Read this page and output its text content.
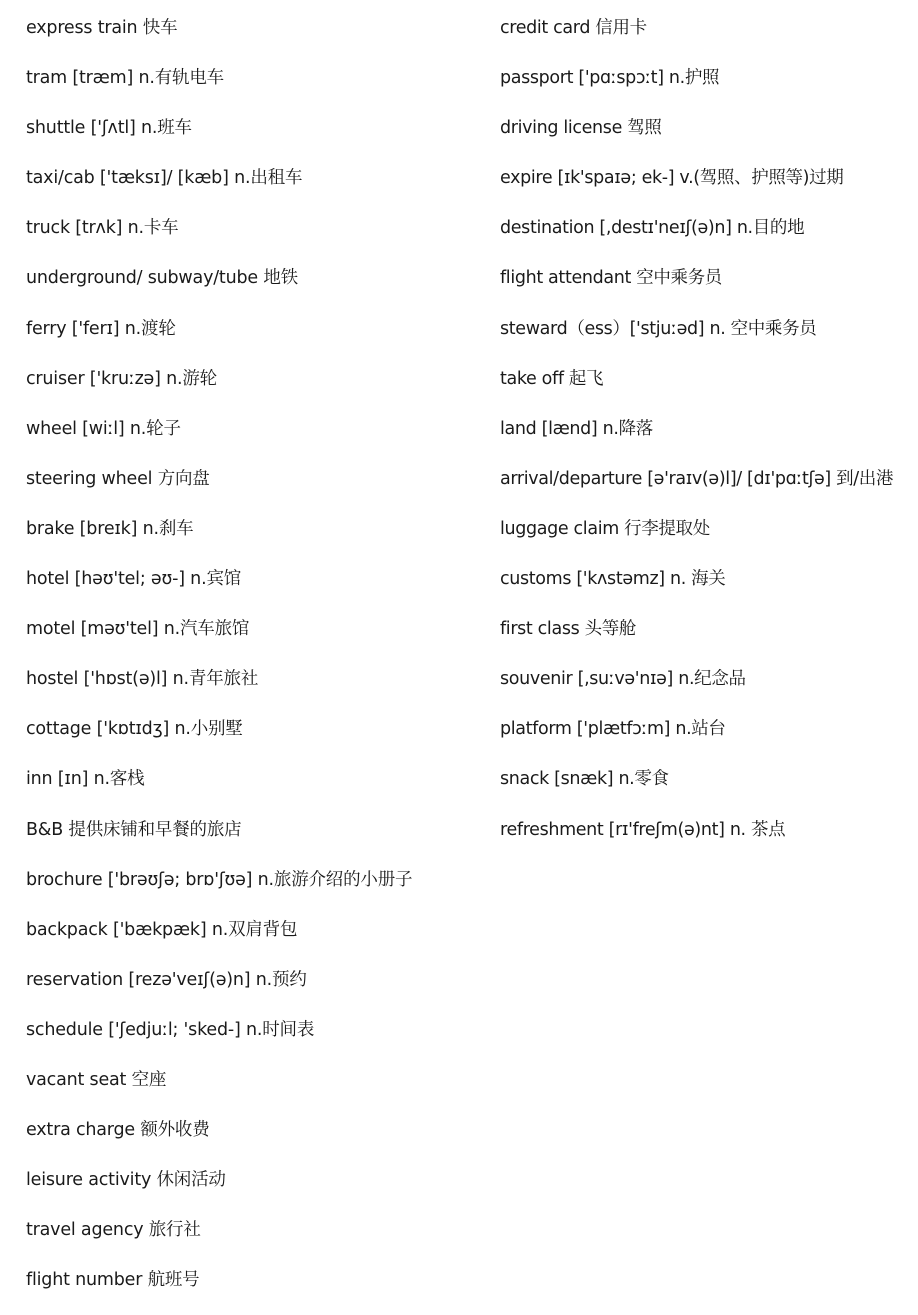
express train 快车
tram [træm] n.有轨电车
shuttle ['ʃʌtl] n.班车
taxi/cab ['tæksɪ]/ [kæb] n.出租车
truck [trʌk] n.卡车
underground/ subway/tube 地铁
ferry ['ferɪ] n.渡轮
cruiser ['kruːzə] n.游轮
wheel [wiːl] n.轮子
steering wheel 方向盘
brake [breɪk] n.刹车
hotel [həʊ'tel; əʊ-] n.宾馆
motel [məʊ'tel] n.汽车旅馆
hostel ['hɒst(ə)l] n.青年旅社
cottage ['kɒtɪdʒ] n.小别墅
inn [ɪn] n.客栈
B&B 提供床铺和早餐的旅店
brochure ['brəʊʃə; brɒ'ʃʊə] n.旅游介绍的小册子
backpack ['bækpæk] n.双肩背包
reservation [rezə'veɪʃ(ə)n] n.预约
schedule ['ʃedjuːl; 'sked-] n.时间表
vacant seat 空座
extra charge 额外收费
leisure activity 休闲活动
travel agency 旅行社
flight number 航班号
credit card 信用卡
passport ['pɑːspɔːt] n.护照
driving license 驾照
expire [ɪk'spaɪə; ek-] v.(驾照、护照等)过期
destination [,destɪ'neɪʃ(ə)n] n.目的地
flight attendant 空中乘务员
steward（ess）['stjuːəd] n. 空中乘务员
take off 起飞
land [lænd] n.降落
arrival/departure [ə'raɪv(ə)l]/ [dɪ'pɑːtʃə] 到/出港
luggage claim 行李提取处
customs ['kʌstəmz] n. 海关
first class 头等舱
souvenir [,suːvə'nɪə] n.纪念品
platform ['plætfɔːm] n.站台
snack [snæk] n.零食
refreshment [rɪ'freʃm(ə)nt] n. 茶点
